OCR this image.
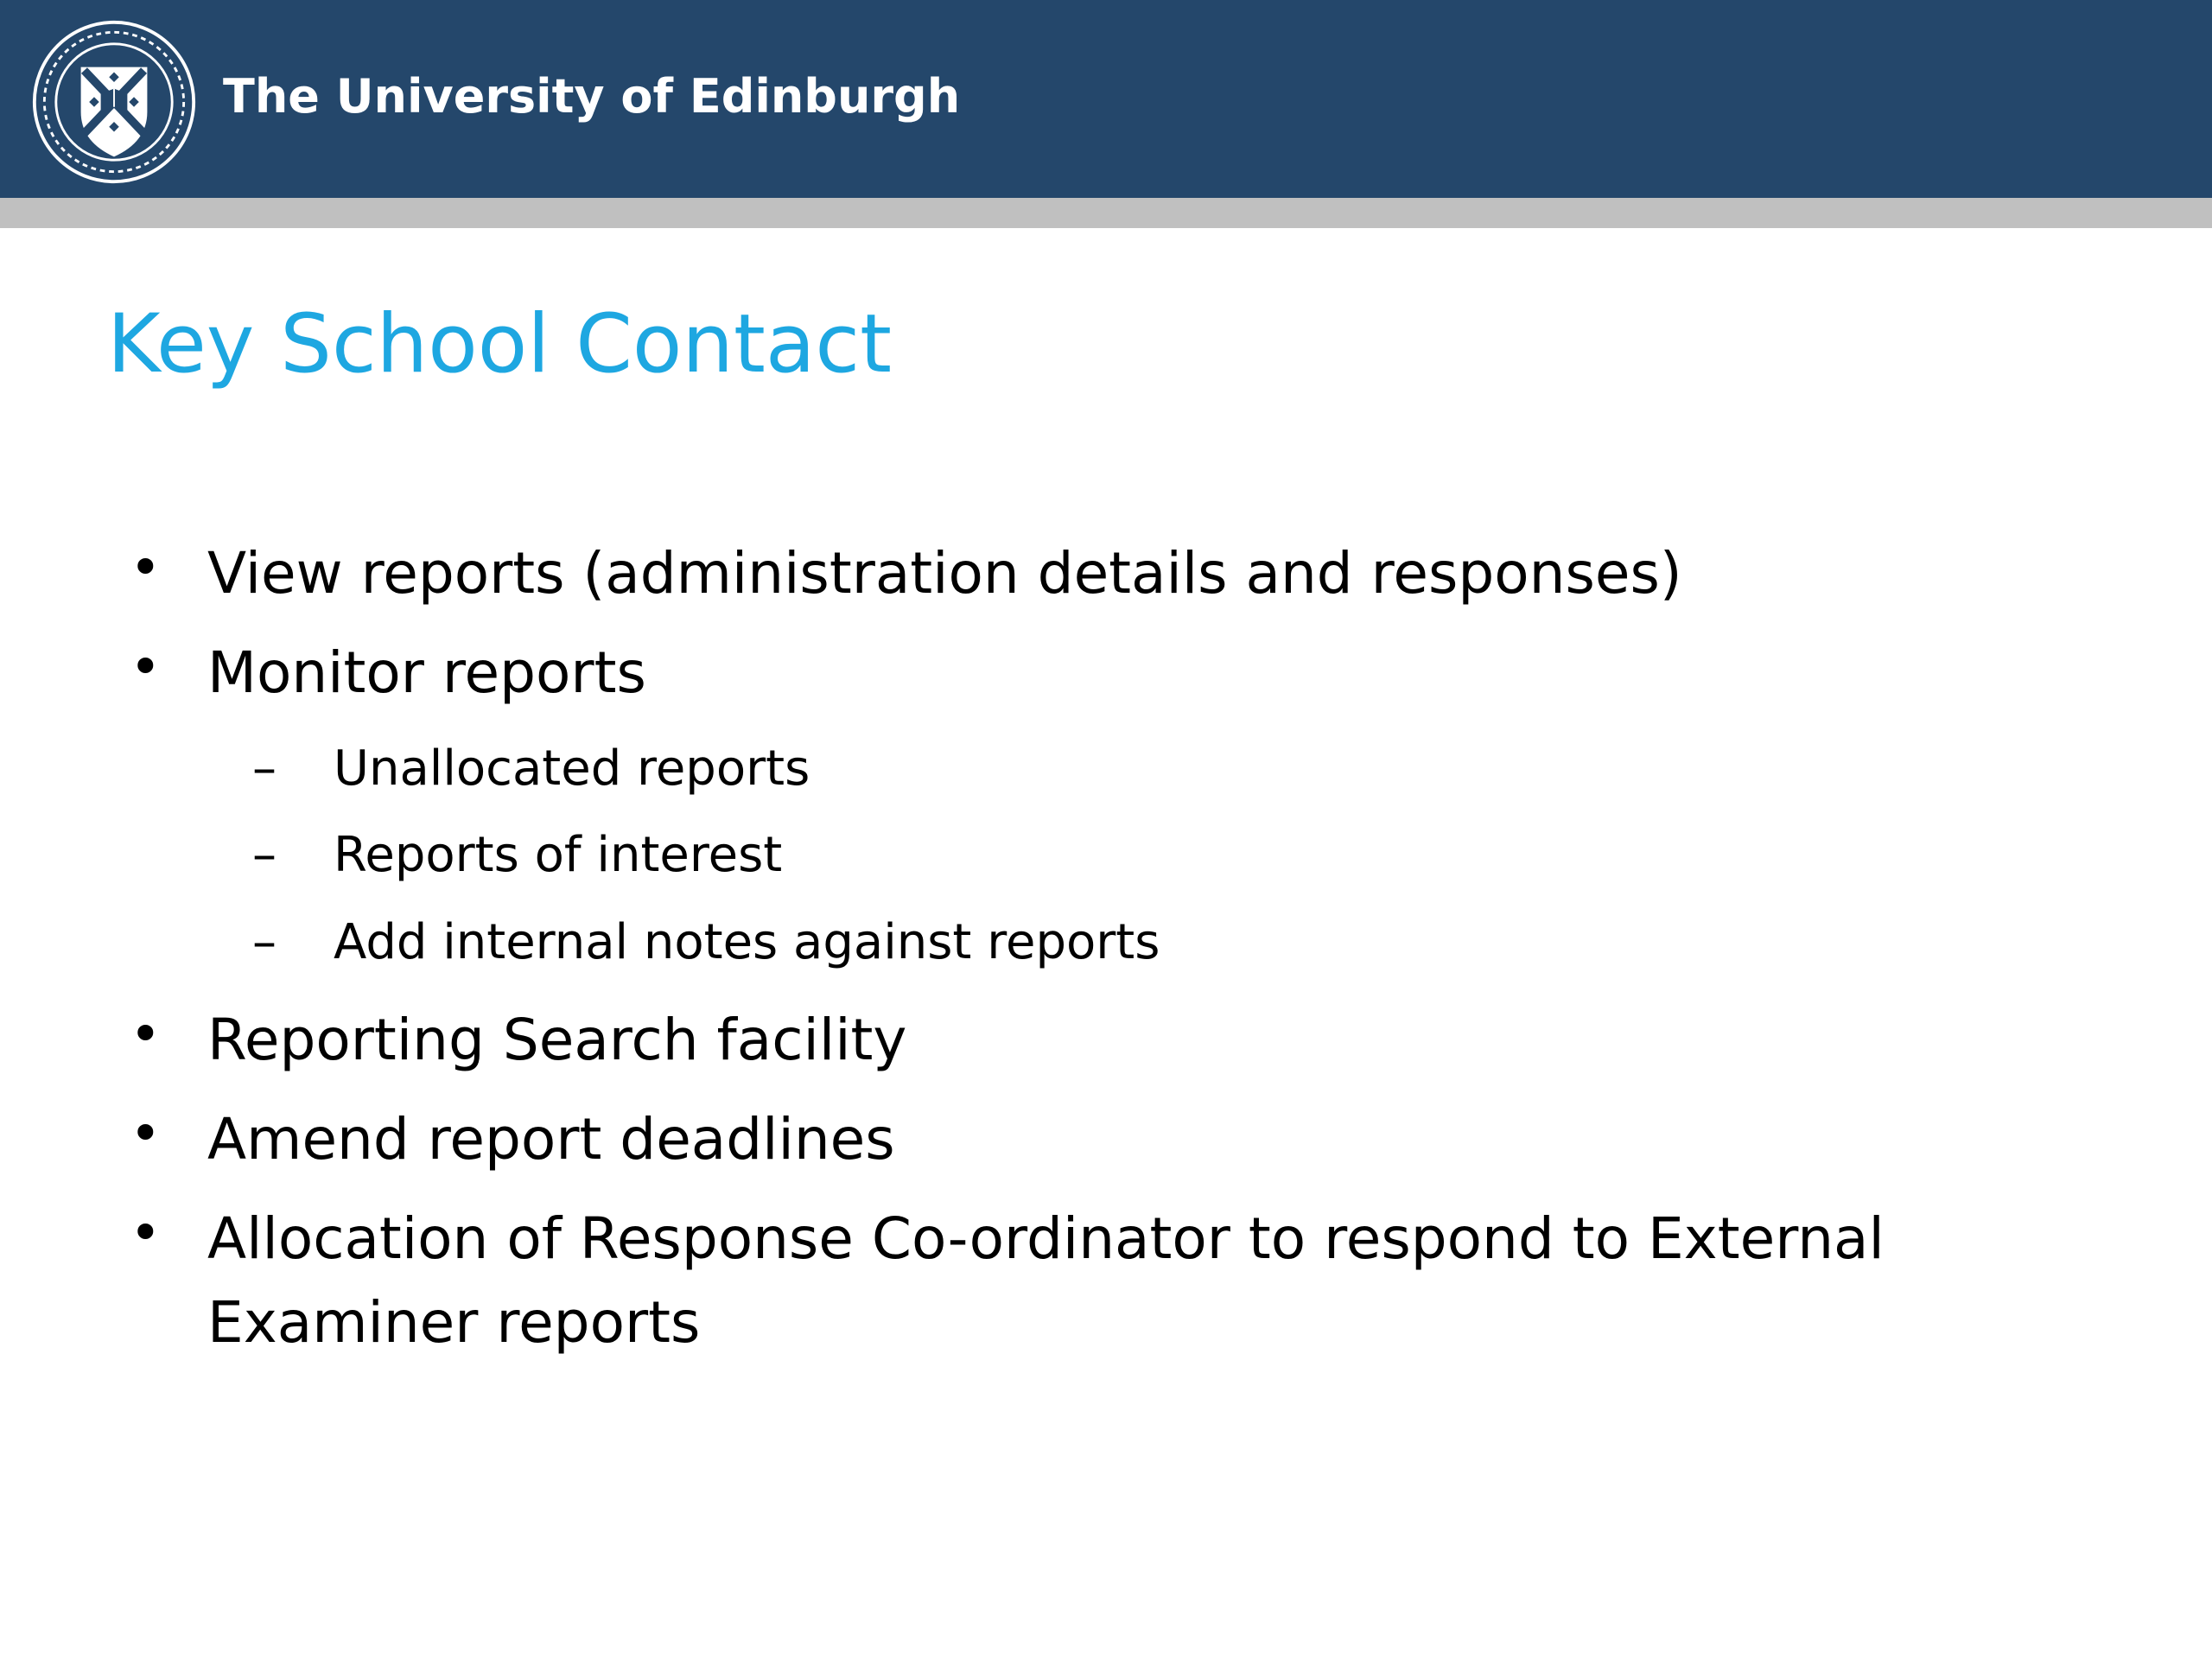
The University of Edinburgh
Key School Contact
• View reports (administration details and responses)
• Monitor reports
– Unallocated reports
– Reports of interest
– Add internal notes against reports
• Reporting Search facility
• Amend report deadlines
• Allocation of Response Co-ordinator to respond to External Examiner reports
